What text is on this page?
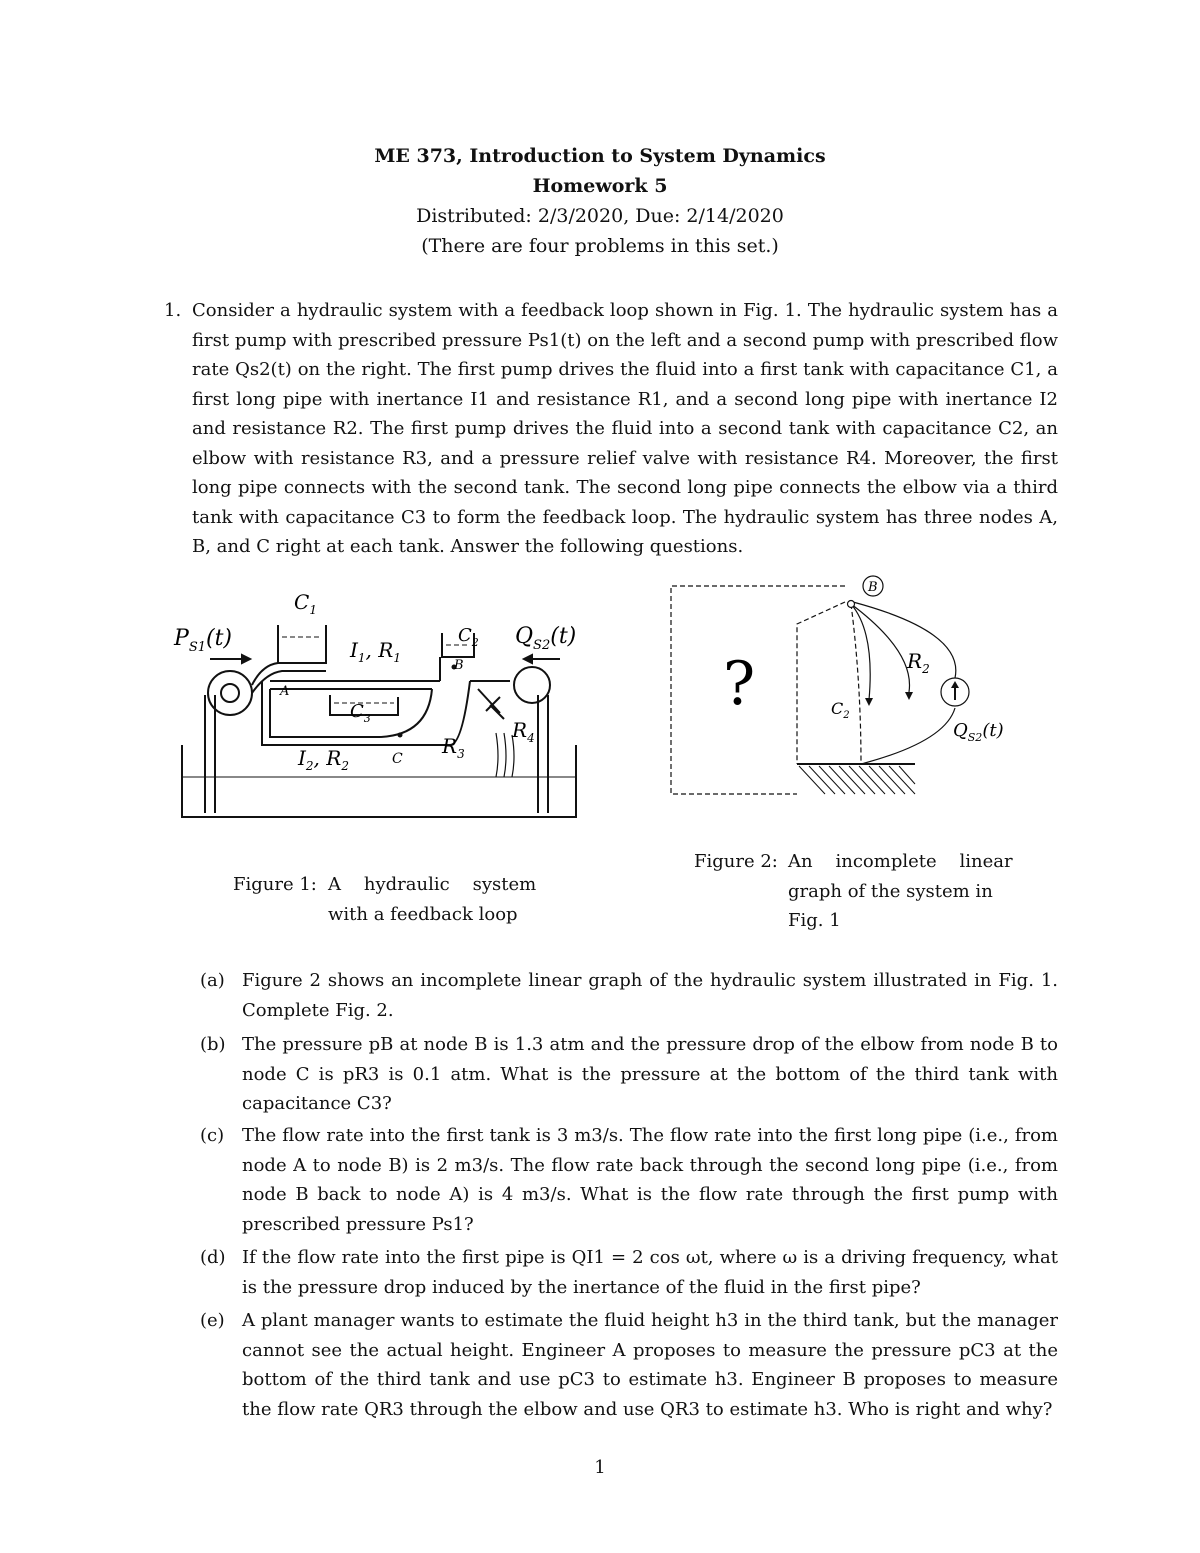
ME 373, Introduction to System Dynamics
Homework 5
Distributed: 2/3/2020, Due: 2/14/2020
(There are four problems in this set.)
1. Consider a hydraulic system with a feedback loop shown in Fig. 1. The hydraulic system has a first pump with prescribed pressure Ps1(t) on the left and a second pump with prescribed flow rate Qs2(t) on the right. The first pump drives the fluid into a first tank with capacitance C1, a first long pipe with inertance I1 and resistance R1, and a second long pipe with inertance I2 and resistance R2. The first pump drives the fluid into a second tank with capacitance C2, an elbow with resistance R3, and a pressure relief valve with resistance R4. Moreover, the first long pipe connects with the second tank. The second long pipe connects the elbow via a third tank with capacitance C3 to form the feedback loop. The hydraulic system has three nodes A, B, and C right at each tank. Answer the following questions.
$P_{S1}(t)$	$Q_{S2}(t)$
$C_1$
$C_2$
$C_3$
$I_1$, $R_1$
$I_2$, $R_2$
$R_3$
$R_4$
A
B
C
B
?	$R_2$
$C_2$
$Q_{S2}(t)$
Figure 1: A    hydraulic    system
with a feedback loop
Figure 2: An    incomplete    linear
graph of the system in
Fig. 1
(a) Figure 2 shows an incomplete linear graph of the hydraulic system illustrated in Fig. 1. Complete Fig. 2.
(b) The pressure pB at node B is 1.3 atm and the pressure drop of the elbow from node B to node C is pR3 is 0.1 atm. What is the pressure at the bottom of the third tank with capacitance C3?
(c) The flow rate into the first tank is 3 m3/s. The flow rate into the first long pipe (i.e., from node A to node B) is 2 m3/s. The flow rate back through the second long pipe (i.e., from node B back to node A) is 4 m3/s. What is the flow rate through the first pump with prescribed pressure Ps1?
(d) If the flow rate into the first pipe is QI1 = 2 cos ωt, where ω is a driving frequency, what is the pressure drop induced by the inertance of the fluid in the first pipe?
(e) A plant manager wants to estimate the fluid height h3 in the third tank, but the manager cannot see the actual height. Engineer A proposes to measure the pressure pC3 at the bottom of the third tank and use pC3 to estimate h3. Engineer B proposes to measure the flow rate QR3 through the elbow and use QR3 to estimate h3. Who is right and why?
1
